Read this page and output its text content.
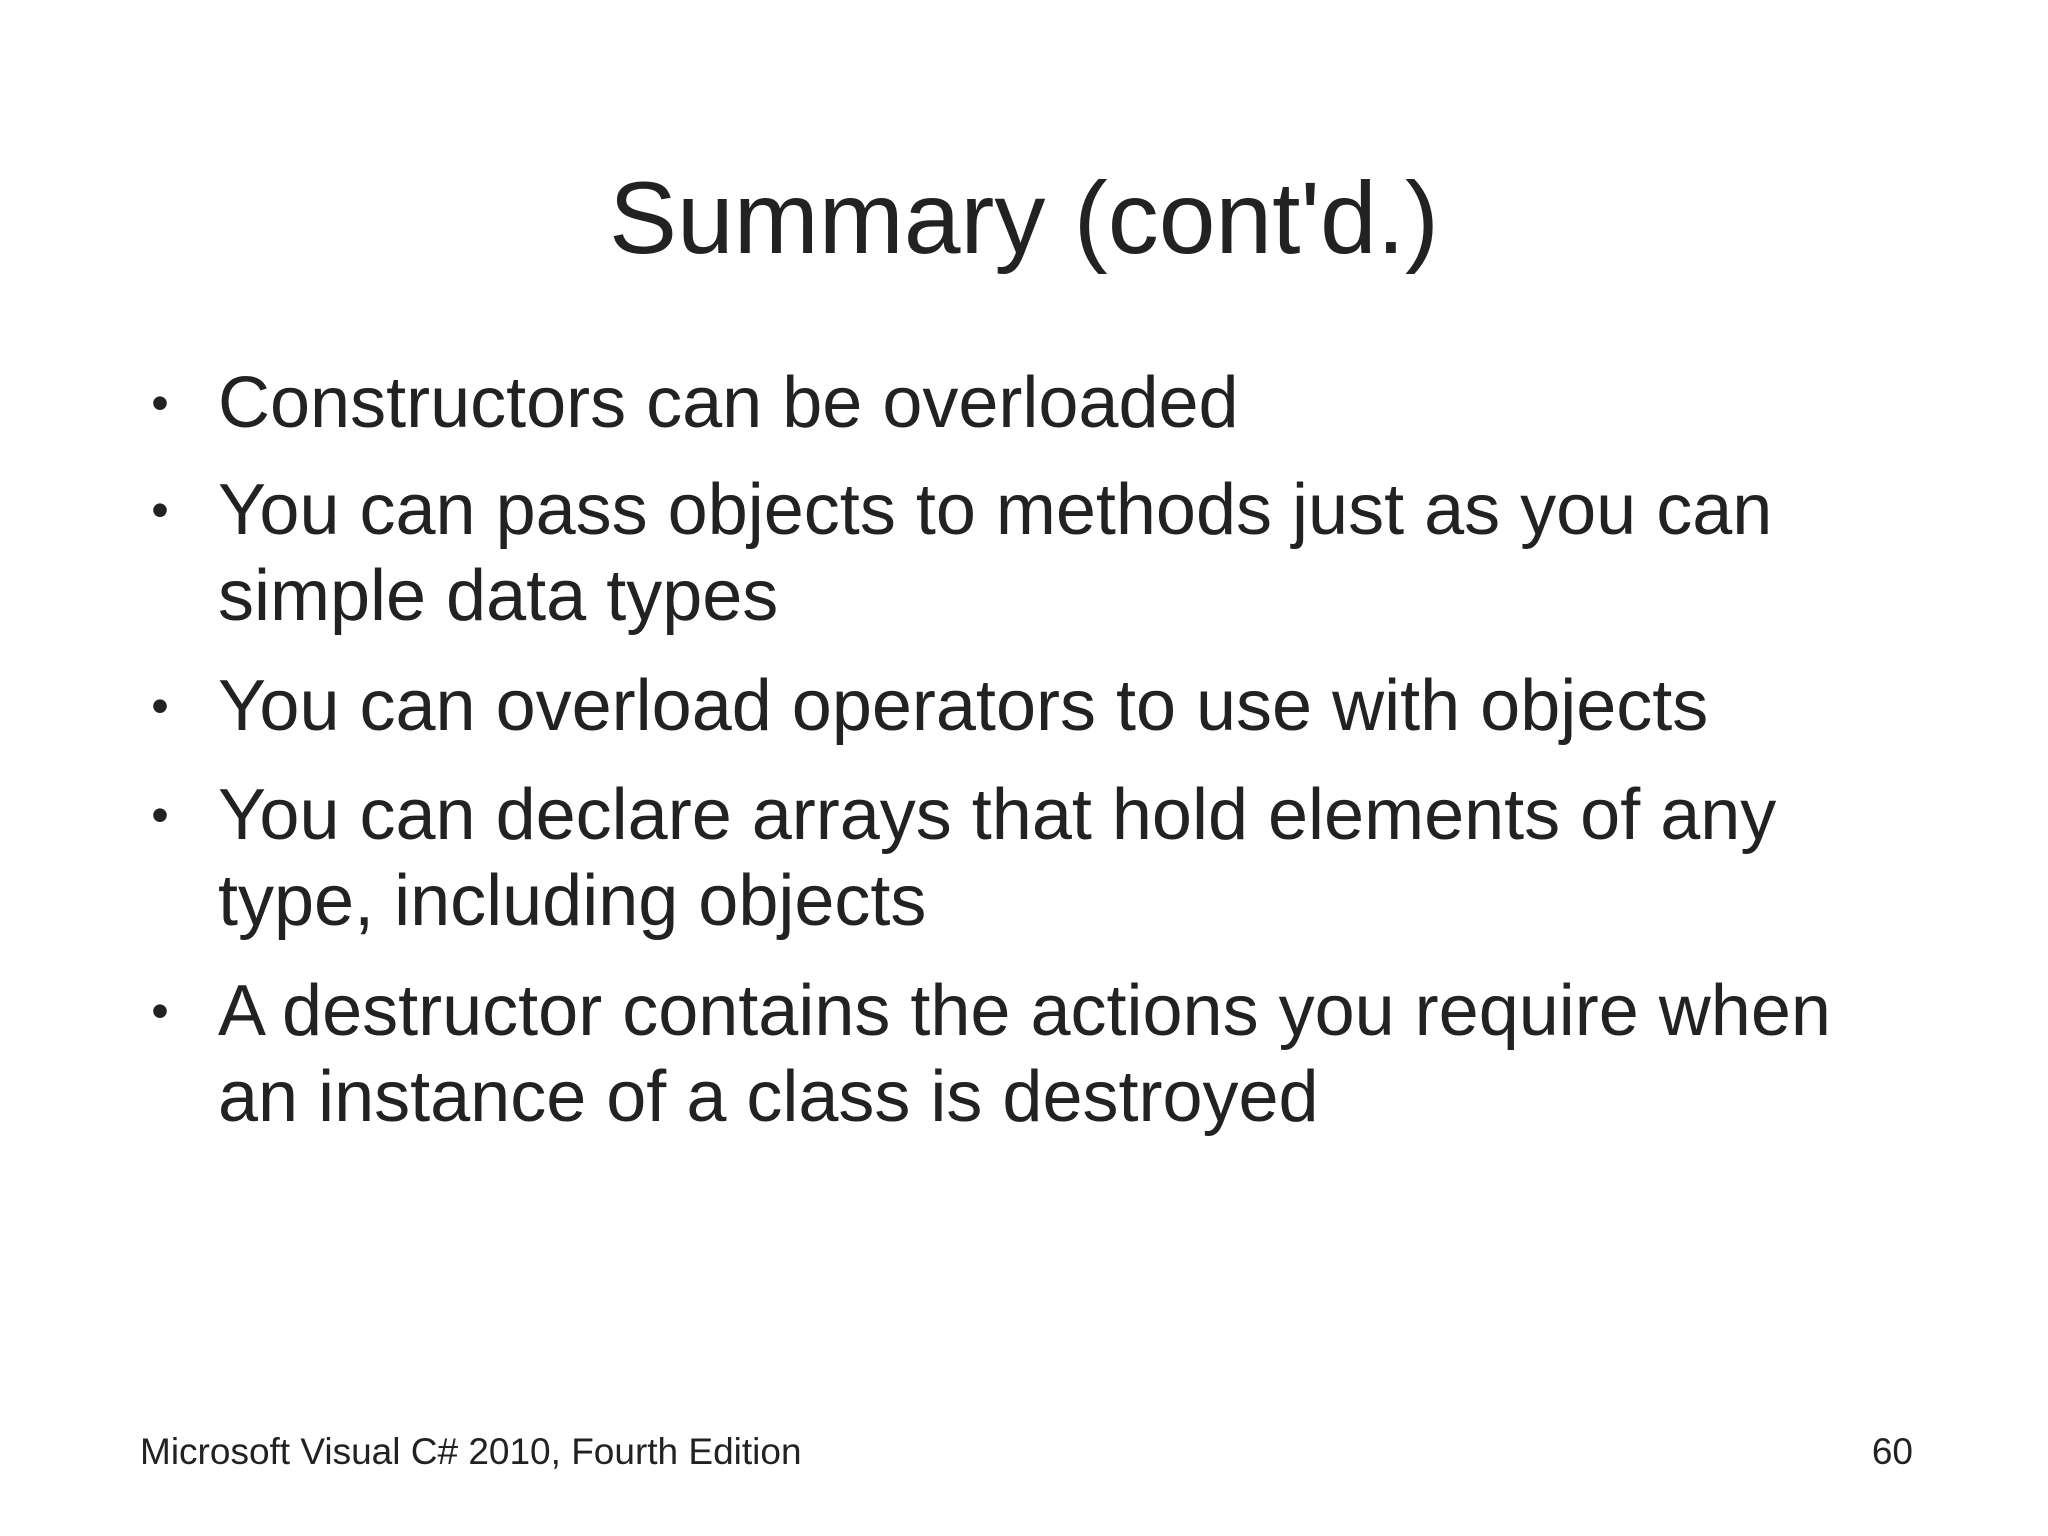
Summary (cont'd.)
• Constructors can be overloaded
• You can pass objects to methods just as you can
simple data types
• You can overload operators to use with objects
• You can declare arrays that hold elements of any
type, including objects
• A destructor contains the actions you require when
an instance of a class is destroyed
Microsoft Visual C# 2010, Fourth Edition	60
